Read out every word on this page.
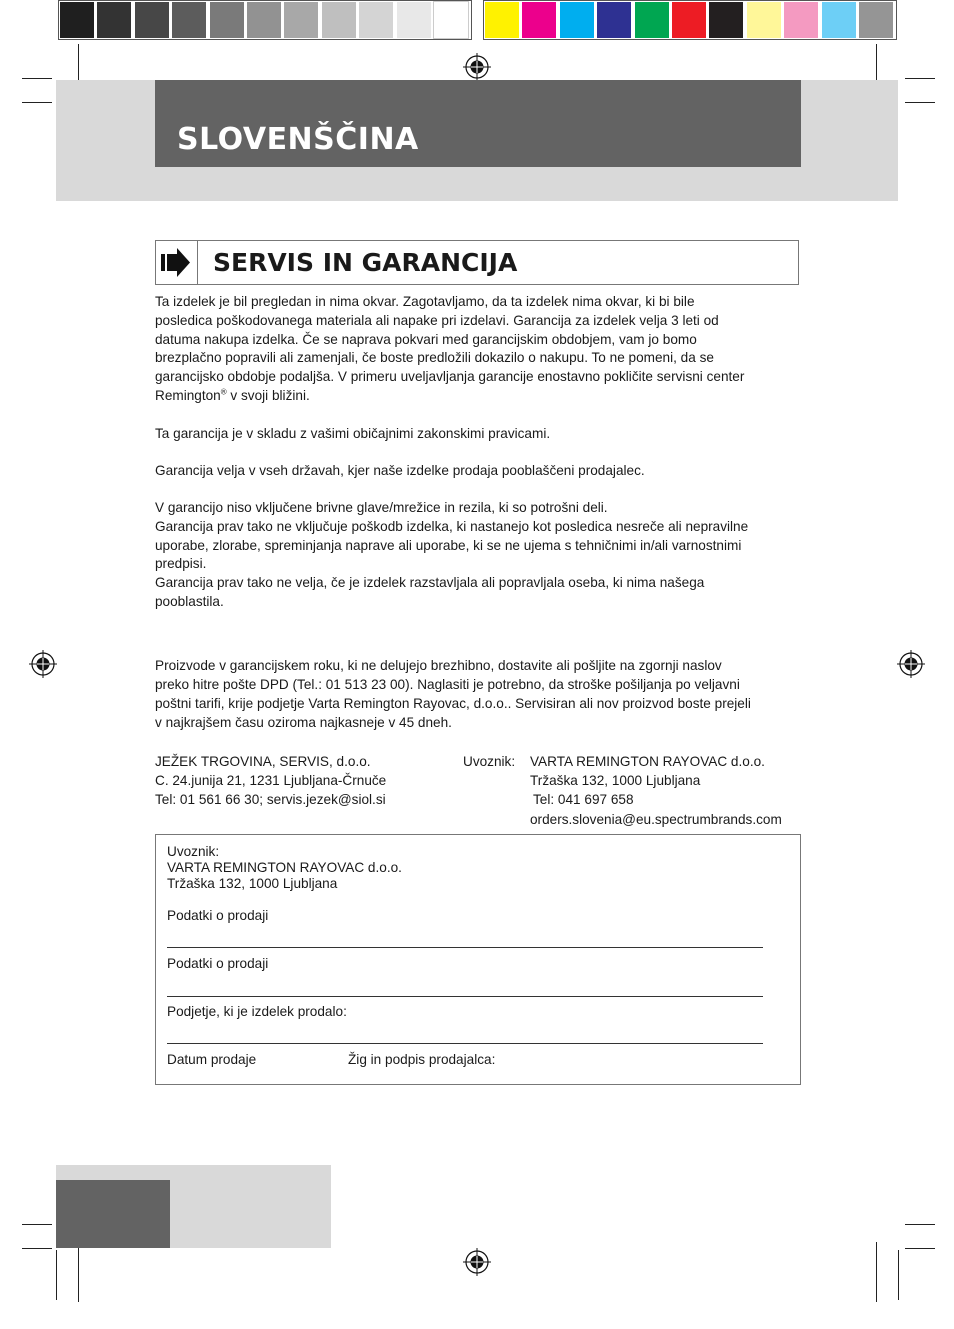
SLOVENŠČINA
SERVIS IN GARANCIJA
Ta izdelek je bil pregledan in nima okvar. Zagotavljamo, da ta izdelek nima okvar, ki bi bile
posledica poškodovanega materiala ali napake pri izdelavi. Garancija za izdelek velja 3 leti od
datuma nakupa izdelka. Če se naprava pokvari med garancijskim obdobjem, vam jo bomo
brezplačno popravili ali zamenjali, če boste predložili dokazilo o nakupu. To ne pomeni, da se
garancijsko obdobje podaljša. V primeru uveljavljanja garancije enostavno pokličite servisni center
Remington® v svoji bližini.
Ta garancija je v skladu z vašimi običajnimi zakonskimi pravicami.
Garancija velja v vseh državah, kjer naše izdelke prodaja pooblaščeni prodajalec.
V garancijo niso vključene brivne glave/mrežice in rezila, ki so potrošni deli.
Garancija prav tako ne vključuje poškodb izdelka, ki nastanejo kot posledica nesreče ali nepravilne
uporabe, zlorabe, spreminjanja naprave ali uporabe, ki se ne ujema s tehničnimi in/ali varnostnimi
predpisi.
Garancija prav tako ne velja, če je izdelek razstavljala ali popravljala oseba, ki nima našega
pooblastila.
Proizvode v garancijskem roku, ki ne delujejo brezhibno, dostavite ali pošljite na zgornji naslov
preko hitre pošte DPD (Tel.: 01 513 23 00). Naglasiti je potrebno, da stroške pošiljanja po veljavni
poštni tarifi, krije podjetje Varta Remington Rayovac, d.o.o.. Servisiran ali nov proizvod boste prejeli
v najkrajšem času oziroma najkasneje v 45 dneh.
JEŽEK TRGOVINA, SERVIS, d.o.o.
C. 24.junija 21, 1231 Ljubljana-Črnuče
Tel: 01 561 66 30; servis.jezek@siol.si
Uvoznik: VARTA REMINGTON RAYOVAC d.o.o.
Tržaška 132, 1000 Ljubljana
Tel: 041 697 658
orders.slovenia@eu.spectrumbrands.com
Uvoznik:
VARTA REMINGTON RAYOVAC d.o.o.
Tržaška 132, 1000 Ljubljana
Podatki o prodaji
Podatki o prodaji
Podjetje, ki je izdelek prodalo:
Datum prodaje	Žig in podpis prodajalca:
